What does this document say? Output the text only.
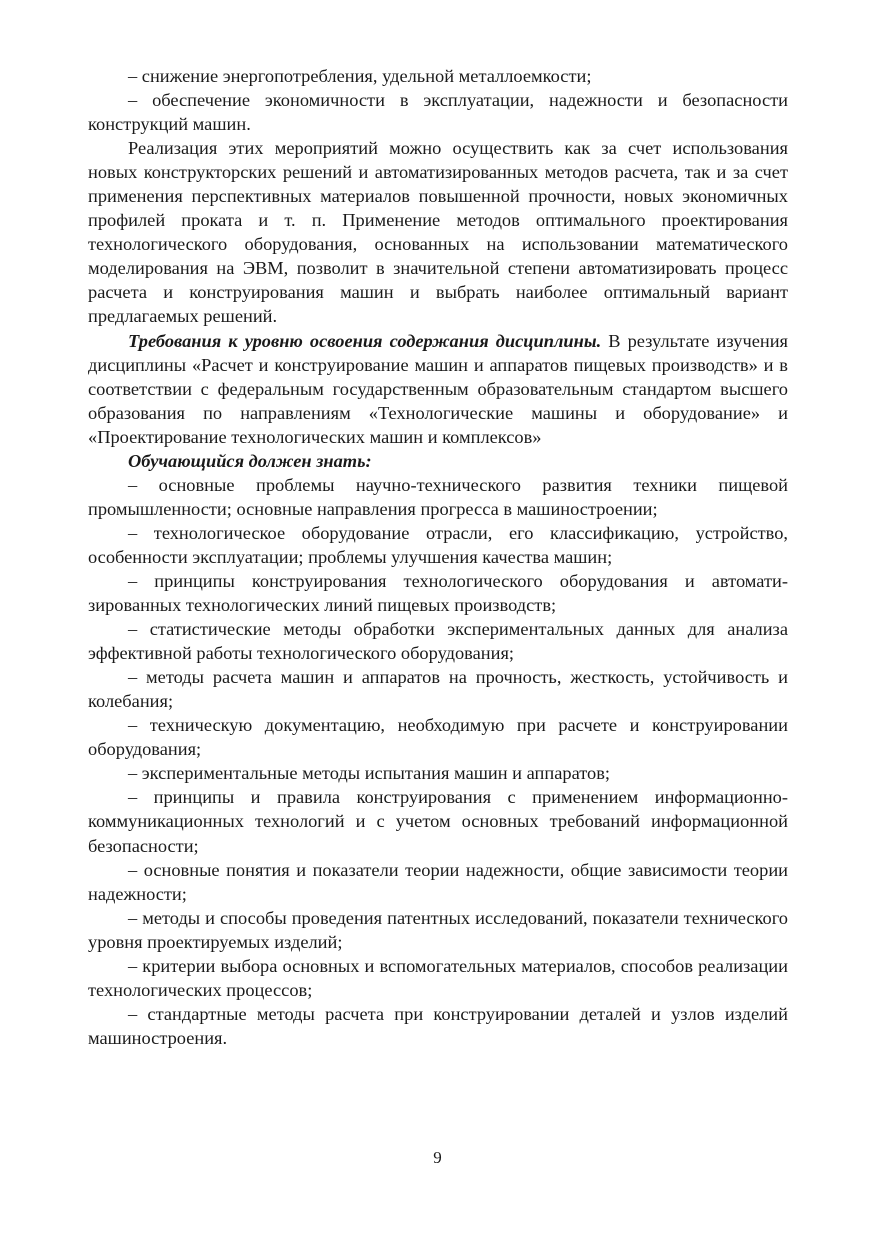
– снижение энергопотребления, удельной металлоемкости;

– обеспечение экономичности в эксплуатации, надежности и безопасности конструкций машин.

Реализация этих мероприятий можно осуществить как за счет использования новых конструкторских решений и автоматизированных методов расчета, так и за счет применения перспективных материалов повышенной прочности, новых экономичных профилей проката и т. п. Применение методов оптимального проектирования технологического оборудования, основанных на использовании математического моделирования на ЭВМ, позволит в значительной степени автоматизировать процесс расчета и конструирования машин и выбрать наиболее оптимальный вариант предлагаемых решений.

Требования к уровню освоения содержания дисциплины. В результате изучения дисциплины «Расчет и конструирование машин и аппаратов пищевых производств» и в соответствии с федеральным государственным образовательным стандартом высшего образования по направлениям «Технологические машины и оборудование» и «Проектирование технологических машин и комплексов»

Обучающийся должен знать:

– основные проблемы научно-технического развития техники пищевой промышленности; основные направления прогресса в машиностроении;

– технологическое оборудование отрасли, его классификацию, устройство, особенности эксплуатации; проблемы улучшения качества машин;

– принципы конструирования технологического оборудования и автоматизированных технологических линий пищевых производств;

– статистические методы обработки экспериментальных данных для анализа эффективной работы технологического оборудования;

– методы расчета машин и аппаратов на прочность, жесткость, устойчивость и колебания;

– техническую документацию, необходимую при расчете и конструировании оборудования;

– экспериментальные методы испытания машин и аппаратов;

– принципы и правила конструирования с применением информационно-коммуникационных технологий и с учетом основных требований информационной безопасности;

– основные понятия и показатели теории надежности, общие зависимости теории надежности;

– методы и способы проведения патентных исследований, показатели технического уровня проектируемых изделий;

– критерии выбора основных и вспомогательных материалов, способов реализации технологических процессов;

– стандартные методы расчета при конструировании деталей и узлов изделий машиностроения.

9
